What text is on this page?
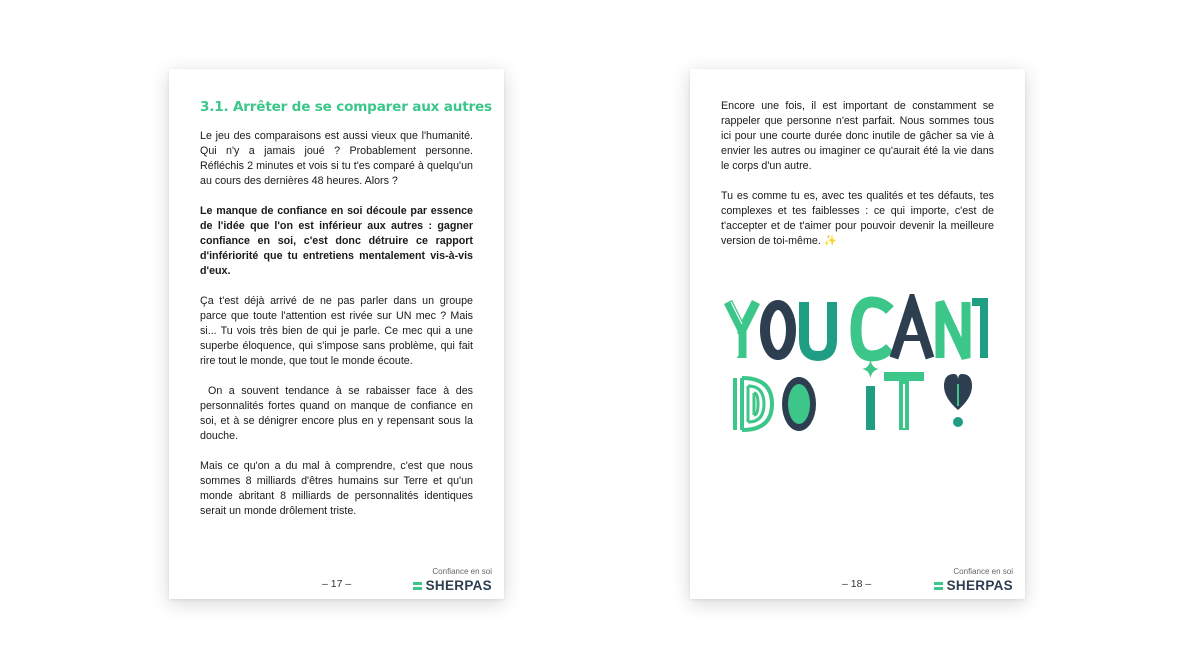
3.1. Arrêter de se comparer aux autres

Le jeu des comparaisons est aussi vieux que l'humanité. Qui n'y a jamais joué ? Probablement personne. Réfléchis 2 minutes et vois si tu t'es comparé à quelqu'un au cours des dernières 48 heures. Alors ?

Le manque de confiance en soi découle par essence de l'idée que l'on est inférieur aux autres : gagner confiance en soi, c'est donc détruire ce rapport d'infériorité que tu entretiens mentalement vis-à-vis d'eux.

Ça t'est déjà arrivé de ne pas parler dans un groupe parce que toute l'attention est rivée sur UN mec ? Mais si... Tu vois très bien de qui je parle. Ce mec qui a une superbe éloquence, qui s'impose sans problème, qui fait rire tout le monde, que tout le monde écoute.

On a souvent tendance à se rabaisser face à des personnalités fortes quand on manque de confiance en soi, et à se dénigrer encore plus en y repensant sous la douche.

Mais ce qu'on a du mal à comprendre, c'est que nous sommes 8 milliards d'êtres humains sur Terre et qu'un monde abritant 8 milliards de personnalités identiques serait un monde drôlement triste.

– 17 –
Confiance en soi
SHERPAS

Encore une fois, il est important de constamment se rappeler que personne n'est parfait. Nous sommes tous ici pour une courte durée donc inutile de gâcher sa vie à envier les autres ou imaginer ce qu'aurait été la vie dans le corps d'un autre.

Tu es comme tu es, avec tes qualités et tes défauts, tes complexes et tes faiblesses : ce qui importe, c'est de t'accepter et de t'aimer pour pouvoir devenir la meilleure version de toi-même. ✨

– 18 –
Confiance en soi
SHERPAS
